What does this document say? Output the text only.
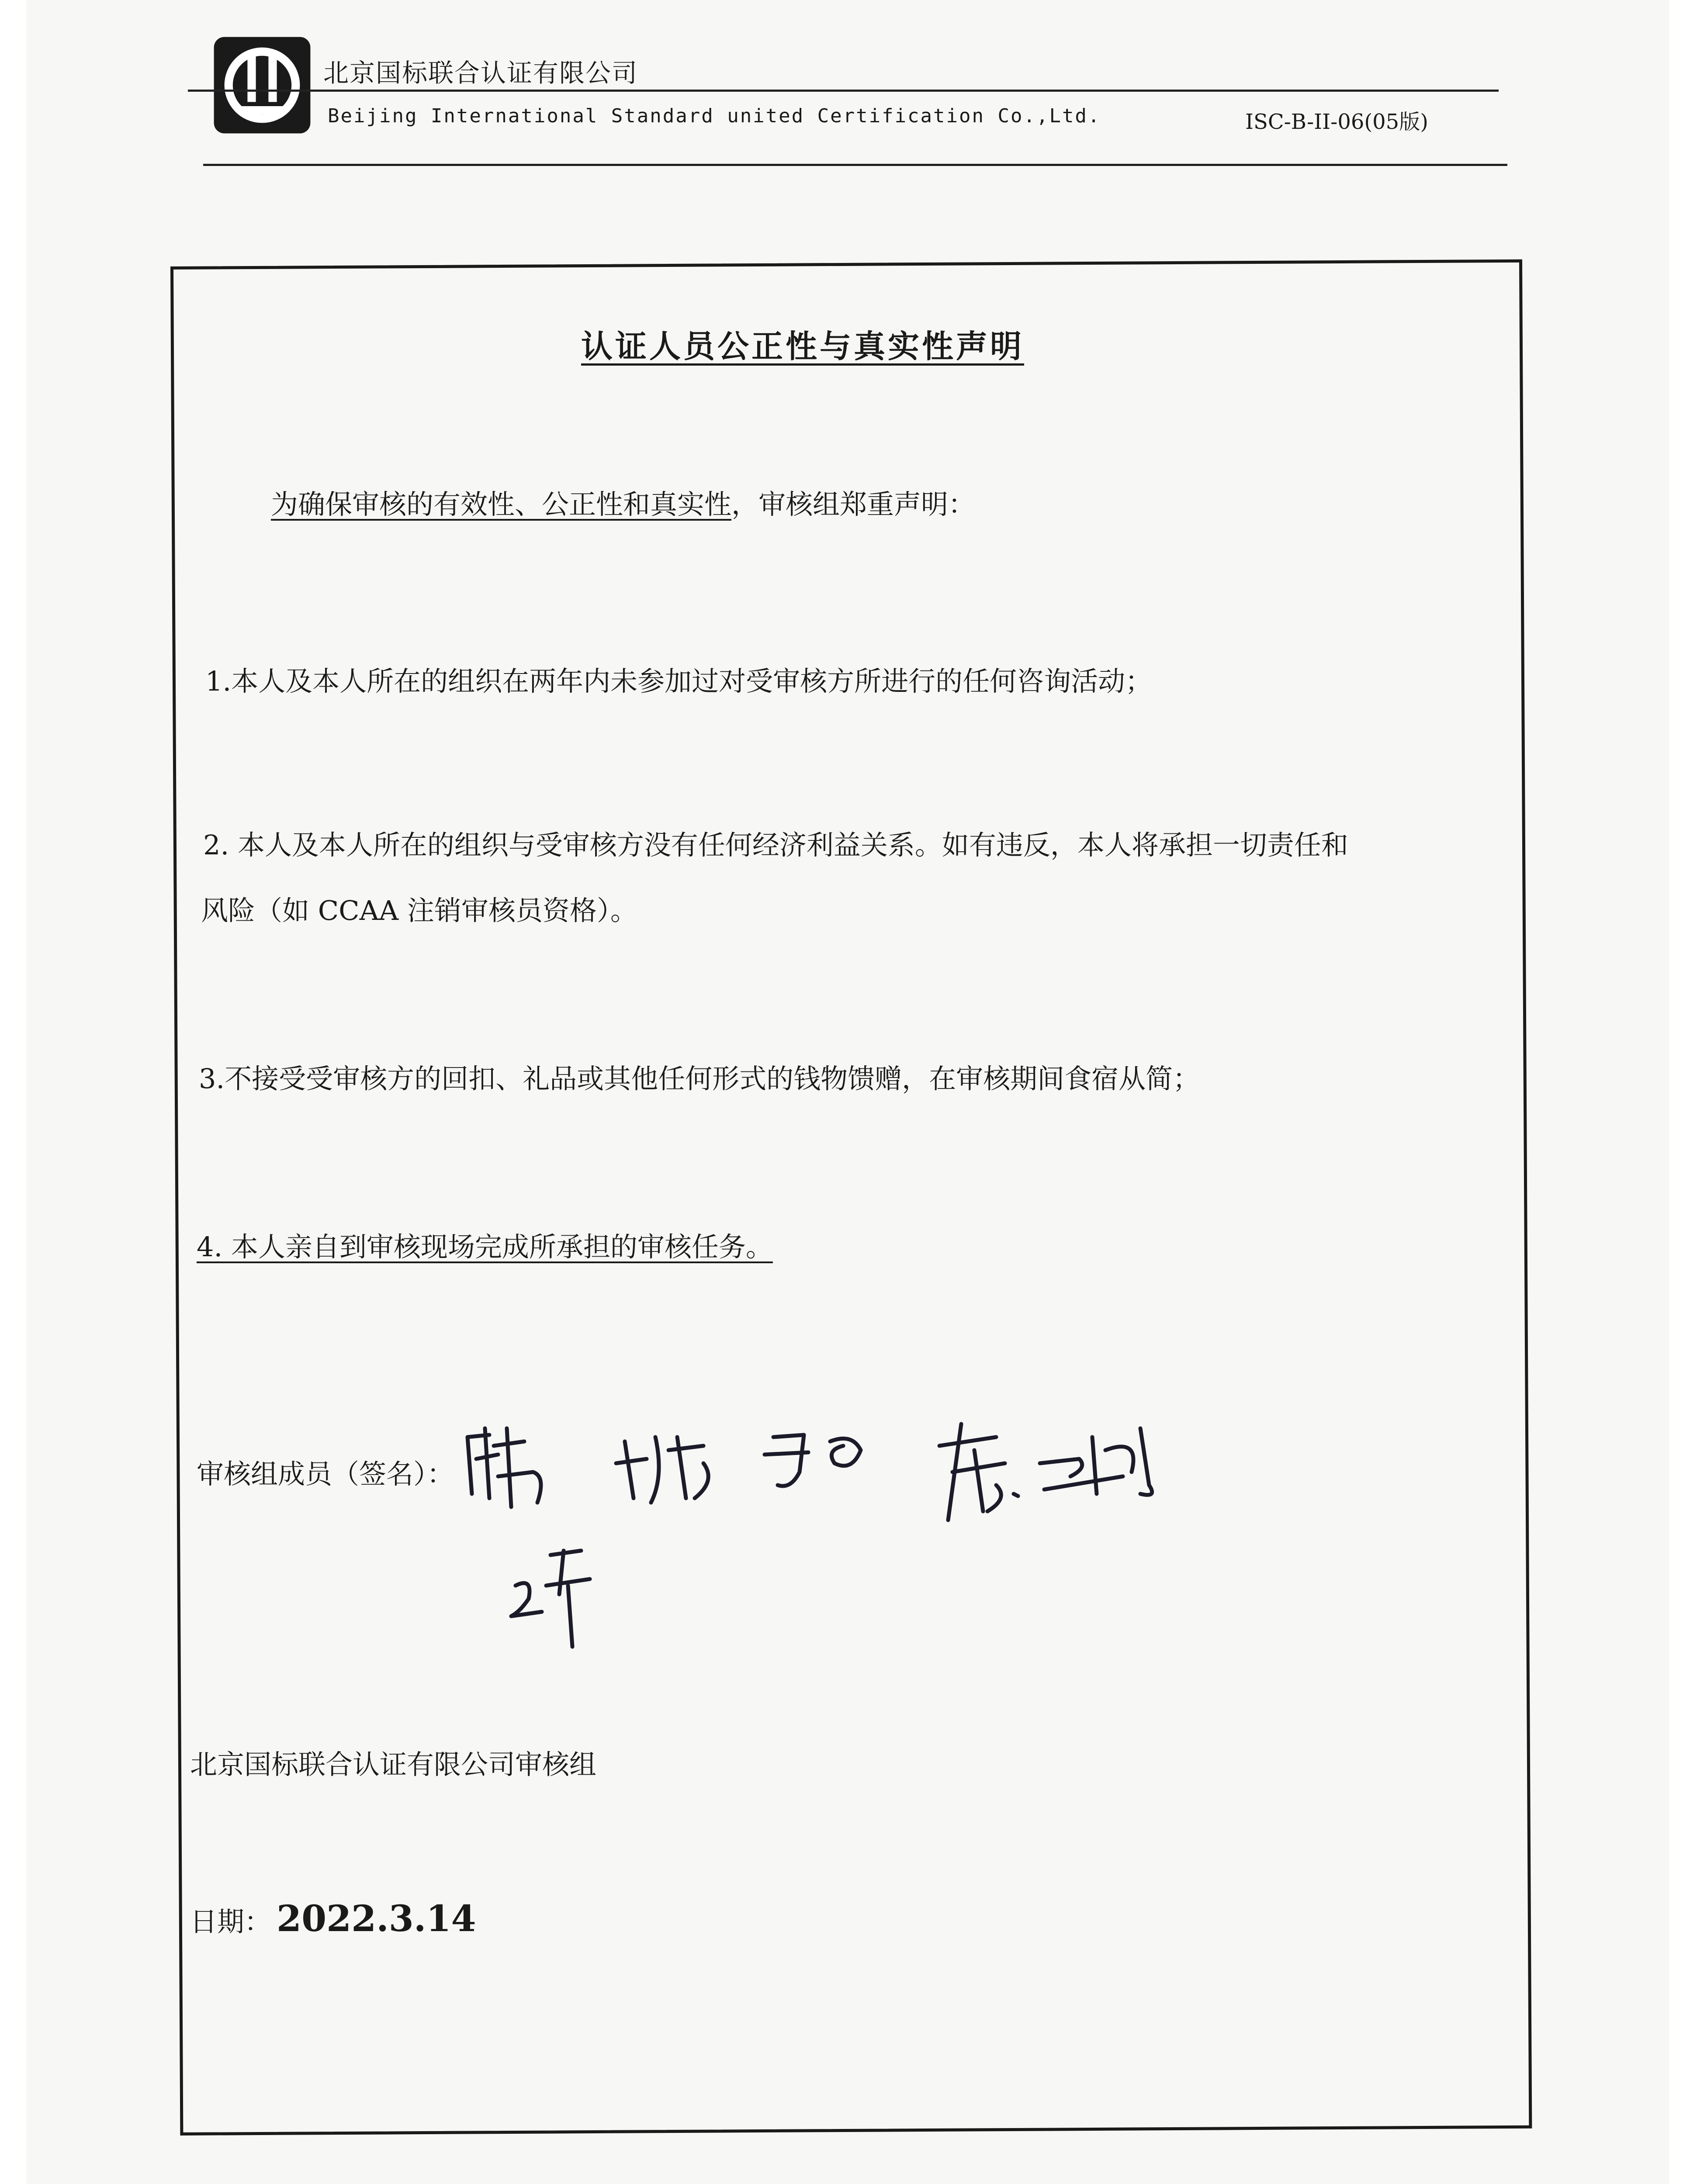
北京国标联合认证有限公司
Beijing International Standard united Certification Co.,Ltd.	ISC-B-II-06(05版)
认证人员公正性与真实性声明
为确保审核的有效性、公正性和真实性，审核组郑重声明：
1.本人及本人所在的组织在两年内未参加过对受审核方所进行的任何咨询活动；
2. 本人及本人所在的组织与受审核方没有任何经济利益关系。如有违反，本人将承担一切责任和
风险（如 CCAA 注销审核员资格）。
3.不接受受审核方的回扣、礼品或其他任何形式的钱物馈赠，在审核期间食宿从简；
4. 本人亲自到审核现场完成所承担的审核任务。
审核组成员（签名）：
北京国标联合认证有限公司审核组
日期： 2022.3.14
